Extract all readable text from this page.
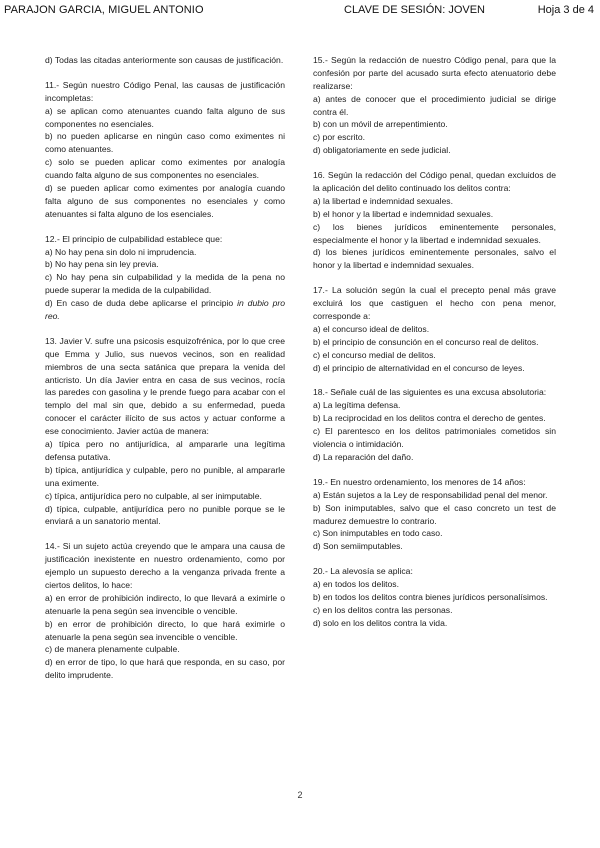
PARAJON GARCIA, MIGUEL ANTONIO	CLAVE DE SESIÓN: JOVEN	Hoja 3 de 4

d) Todas las citadas anteriormente son causas de justificación.

11.- Según nuestro Código Penal, las causas de justificación incompletas:

a) se aplican como atenuantes cuando falta alguno de sus componentes no esenciales.

b) no pueden aplicarse en ningún caso como eximentes ni como atenuantes.

c) solo se pueden aplicar como eximentes por analogía cuando falta alguno de sus componentes no esenciales.

d) se pueden aplicar como eximentes por analogía cuando falta alguno de sus componentes no esenciales y como atenuantes si falta alguno de los esenciales.

12.- El principio de culpabilidad establece que:

a) No hay pena sin dolo ni imprudencia.

b) No hay pena sin ley previa.

c) No hay pena sin culpabilidad y la medida de la pena no puede superar la medida de la culpabilidad.

d) En caso de duda debe aplicarse el principio in dubio pro reo.

13. Javier V. sufre una psicosis esquizofrénica, por lo que cree que Emma y Julio, sus nuevos vecinos, son en realidad miembros de una secta satánica que prepara la venida del anticristo. Un día Javier entra en casa de sus vecinos, rocía las paredes con gasolina y le prende fuego para acabar con el templo del mal sin que, debido a su enfermedad, pueda conocer el carácter ilícito de sus actos y actuar conforme a ese conocimiento. Javier actúa de manera:

a) típica pero no antijurídica, al ampararle una legítima defensa putativa.

b) típica, antijurídica y culpable, pero no punible, al ampararle una eximente.

c) típica, antijurídica pero no culpable, al ser inimputable.

d) típica, culpable, antijurídica pero no punible porque se le enviará a un sanatorio mental.

14.- Si un sujeto actúa creyendo que le ampara una causa de justificación inexistente en nuestro ordenamiento, como por ejemplo un supuesto derecho a la venganza privada frente a ciertos delitos, lo hace:

a) en error de prohibición indirecto, lo que llevará a eximirle o atenuarle la pena según sea invencible o vencible.

b) en error de prohibición directo, lo que hará eximirle o atenuarle la pena según sea invencible o vencible.

c) de manera plenamente culpable.

d) en error de tipo, lo que hará que responda, en su caso, por delito imprudente.

15.- Según la redacción de nuestro Código penal, para que la confesión por parte del acusado surta efecto atenuatorio debe realizarse:

a) antes de conocer que el procedimiento judicial se dirige contra él.

b) con un móvil de arrepentimiento.

c) por escrito.

d) obligatoriamente en sede judicial.

16. Según la redacción del Código penal, quedan excluidos de la aplicación del delito continuado los delitos contra:

a) la libertad e indemnidad sexuales.

b) el honor y la libertad e indemnidad sexuales.

c) los bienes jurídicos eminentemente personales, especialmente el honor y la libertad e indemnidad sexuales.

d) los bienes jurídicos eminentemente personales, salvo el honor y la libertad e indemnidad sexuales.

17.- La solución según la cual el precepto penal más grave excluirá los que castiguen el hecho con pena menor, corresponde a:

a) el concurso ideal de delitos.

b) el principio de consunción en el concurso real de delitos.

c) el concurso medial de delitos.

d) el principio de alternatividad en el concurso de leyes.

18.- Señale cuál de las siguientes es una excusa absolutoria:

a) La legítima defensa.

b) La reciprocidad en los delitos contra el derecho de gentes.

c) El parentesco en los delitos patrimoniales cometidos sin violencia o intimidación.

d) La reparación del daño.

19.- En nuestro ordenamiento, los menores de 14 años:

a) Están sujetos a la Ley de responsabilidad penal del menor.

b) Son inimputables, salvo que el caso concreto un test de madurez demuestre lo contrario.

c) Son inimputables en todo caso.

d) Son semiimputables.

20.- La alevosía se aplica:

a) en todos los delitos.

b) en todos los delitos contra bienes jurídicos personalísimos.

c) en los delitos contra las personas.

d) solo en los delitos contra la vida.

2
